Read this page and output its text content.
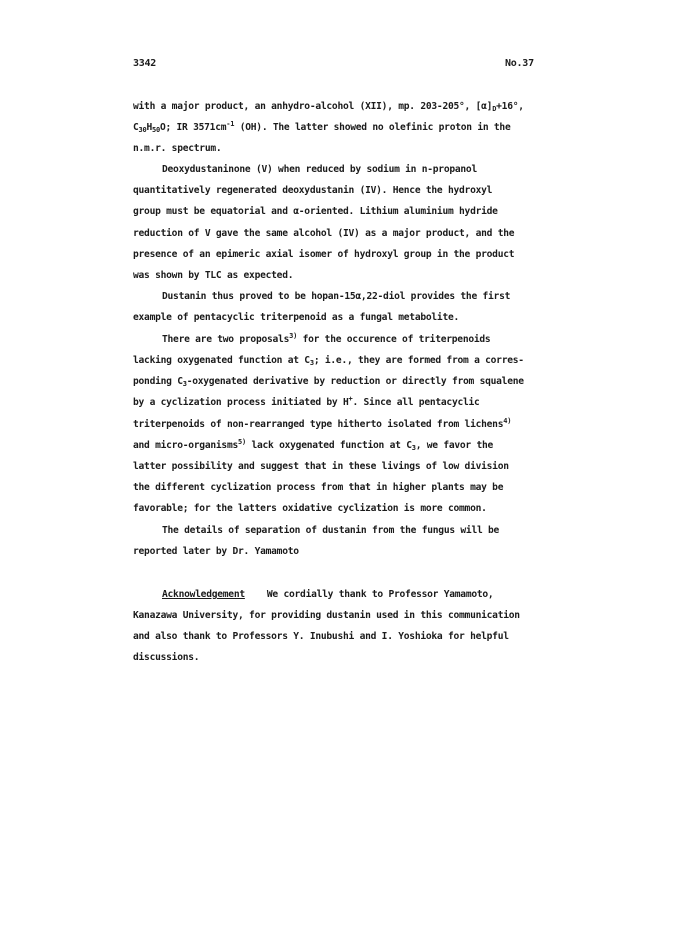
3342	No.37
with a major product, an anhydro-alcohol (XII), mp. 203-205°, $[\alpha]_D+16^\circ$,
$C_{30}H_{50}O$; IR $3571cm^{-1}$ (OH). The latter showed no olefinic proton in the
n.m.r. spectrum.
Deoxydustaninone (V) when reduced by sodium in n-propanol
quantitatively regenerated deoxydustanin (IV). Hence the hydroxyl
group must be equatorial and α-oriented. Lithium aluminium hydride
reduction of V gave the same alcohol (IV) as a major product, and the
presence of an epimeric axial isomer of hydroxyl group in the product
was shown by TLC as expected.
Dustanin thus proved to be hopan-15α,22-diol provides the first
example of pentacyclic triterpenoid as a fungal metabolite.
There are two proposals$^{3)}$ for the occurence of triterpenoids
lacking oxygenated function at $C_3$; i.e., they are formed from a corres-
ponding $C_3$-oxygenated derivative by reduction or directly from squalene
by a cyclization process initiated by H+. Since all pentacyclic
triterpenoids of non-rearranged type hitherto isolated from lichens$^{4)}$
and micro-organisms$^{5)}$ lack oxygenated function at $C_3$, we favor the
latter possibility and suggest that in these livings of low division
the different cyclization process from that in higher plants may be
favorable; for the latters oxidative cyclization is more common.
The details of separation of dustanin from the fungus will be
reported later by Dr. Yamamoto
Acknowledgement We cordially thank to Professor Yamamoto,
Kanazawa University, for providing dustanin used in this communication
and also thank to Professors Y. Inubushi and I. Yoshioka for helpful
discussions.
